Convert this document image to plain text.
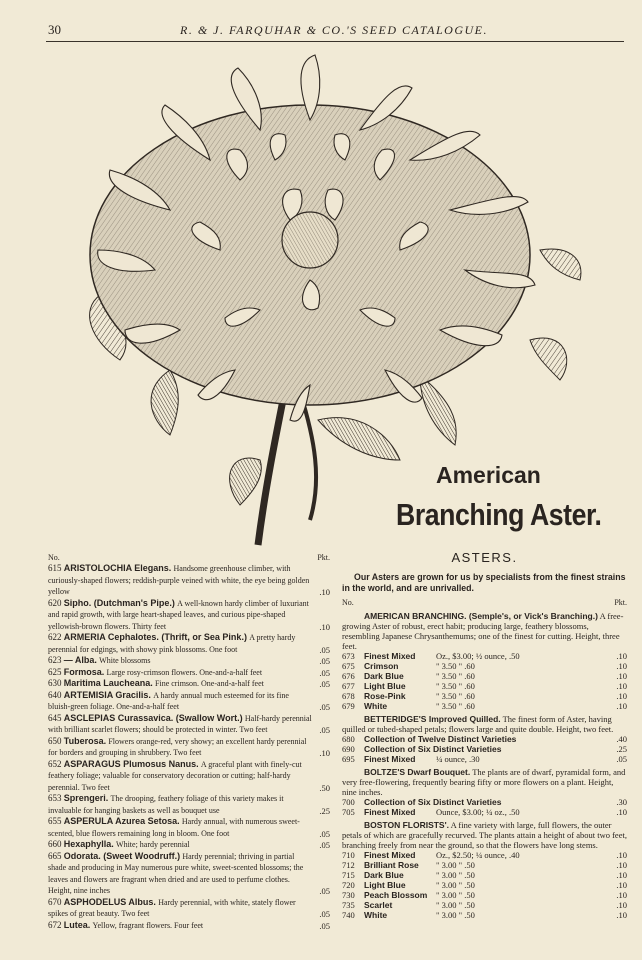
30	R. & J. FARQUHAR & CO.'S SEED CATALOGUE.
American
Branching Aster.
No.	Pkt.
615 ARISTOLOCHIA Elegans. Handsome greenhouse climber, with curiously-shaped flowers; reddish-purple veined with white, the eye being golden yellow	.10
620 Sipho. (Dutchman's Pipe.) A well-known hardy climber of luxuriant and rapid growth, with large heart-shaped leaves, and curious pipe-shaped yellowish-brown flowers. Thirty feet	.10
622 ARMERIA Cephalotes. (Thrift, or Sea Pink.) A pretty hardy perennial for edgings, with showy pink blossoms. One foot	.05
623 — Alba. White blossoms	.05
625 Formosa. Large rosy-crimson flowers. One-and-a-half feet	.05
630 Maritima Laucheana. Fine crimson. One-and-a-half feet	.05
640 ARTEMISIA Gracilis. A hardy annual much esteemed for its fine bluish-green foliage. One-and-a-half feet	.05
645 ASCLEPIAS Curassavica. (Swallow Wort.) Half-hardy perennial with brilliant scarlet flowers; should be protected in winter. Two feet	.05
650 Tuberosa. Flowers orange-red, very showy; an excellent hardy perennial for borders and grouping in shrubbery. Two feet	.10
652 ASPARAGUS Plumosus Nanus. A graceful plant with finely-cut feathery foliage; valuable for conservatory decoration or cutting; half-hardy perennial. Two feet	.50
653 Sprengeri. The drooping, feathery foliage of this variety makes it invaluable for hanging baskets as well as bouquet use	.25
655 ASPERULA Azurea Setosa. Hardy annual, with numerous sweet-scented, blue flowers remaining long in bloom. One foot	.05
660 Hexaphylla. White; hardy perennial	.05
665 Odorata. (Sweet Woodruff.) Hardy perennial; thriving in partial shade and producing in May numerous pure white, sweet-scented blossoms; the leaves and flowers are fragrant when dried and are used to perfume clothes. Height, nine inches	.05
670 ASPHODELUS Albus. Hardy perennial, with white, stately flower spikes of great beauty. Two feet	.05
672 Lutea. Yellow, fragrant flowers. Four feet	.05
ASTERS.
Our Asters are grown for us by specialists from the finest strains in the world, and are unrivalled.
No.	Pkt.
AMERICAN BRANCHING. (Semple's, or Vick's Branching.) A free-growing Aster of robust, erect habit; producing large, feathery blossoms, resembling Japanese Chrysanthemums; one of the finest for cutting. Height, three feet.
673	Finest Mixed	Oz., $3.00; ½ ounce, .50	.10
675	Crimson	" 3.50 " .60	.10
676	Dark Blue	" 3.50 " .60	.10
677	Light Blue	" 3.50 " .60	.10
678	Rose-Pink	" 3.50 " .60	.10
679	White	" 3.50 " .60	.10
BETTERIDGE'S Improved Quilled. The finest form of Aster, having quilled or tubed-shaped petals; flowers large and quite double. Height, two feet.
680	Collection of Twelve Distinct Varieties	.40
690	Collection of Six Distinct Varieties	.25
695	Finest Mixed	¼ ounce, .30	.05
BOLTZE'S Dwarf Bouquet. The plants are of dwarf, pyramidal form, and very free-flowering, frequently bearing fifty or more flowers on a plant. Height, nine inches.
700	Collection of Six Distinct Varieties	.30
705	Finest Mixed	Ounce, $3.00; ¼ oz., .50	.10
BOSTON FLORISTS'. A fine variety with large, full flowers, the outer petals of which are gracefully recurved. The plants attain a height of about two feet, branching freely from near the ground, so that the flowers have long stems.
710	Finest Mixed	Oz., $2.50; ¼ ounce, .40	.10
712	Brilliant Rose	" 3.00 " .50	.10
715	Dark Blue	" 3.00 " .50	.10
720	Light Blue	" 3.00 " .50	.10
730	Peach Blossom	" 3.00 " .50	.10
735	Scarlet	" 3.00 " .50	.10
740	White	" 3.00 " .50	.10
